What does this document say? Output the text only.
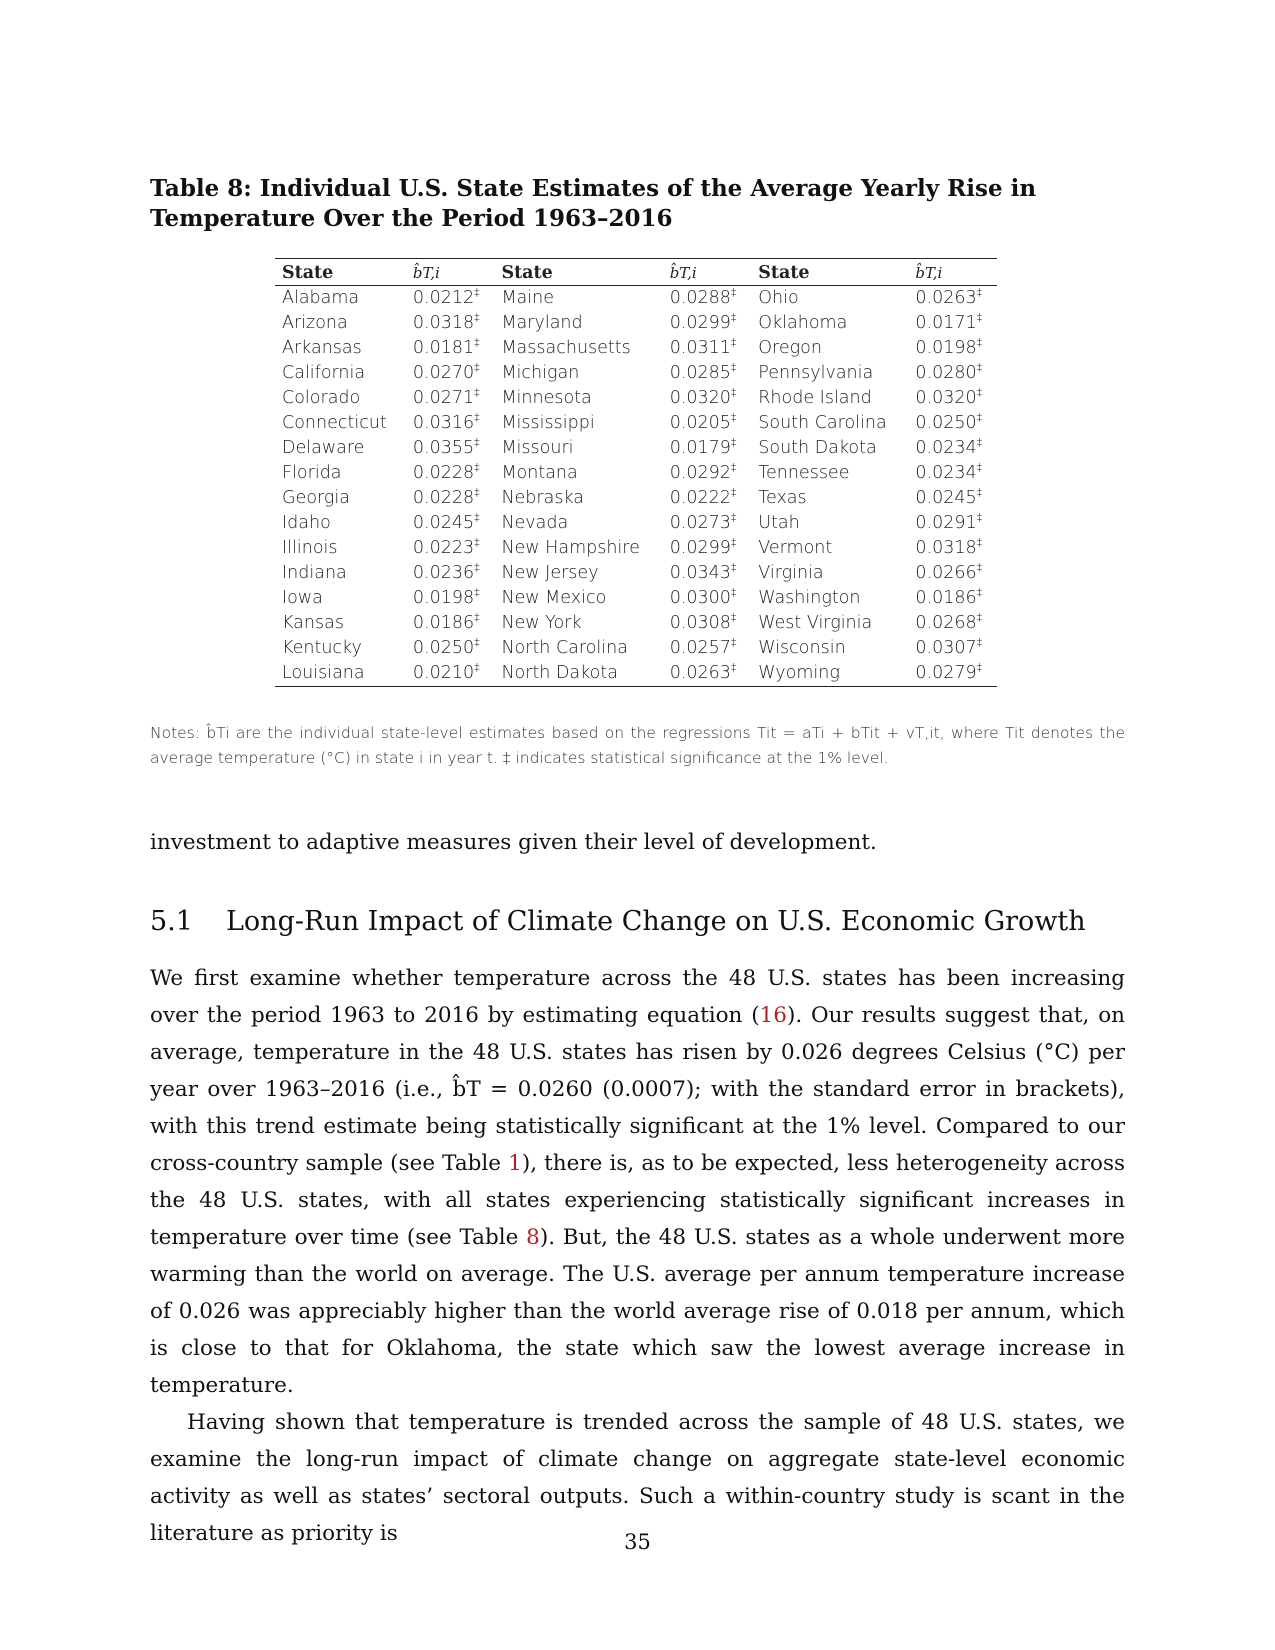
Table 8: Individual U.S. State Estimates of the Average Yearly Rise in Temperature Over the Period 1963–2016
State	b̂T,i	State	b̂T,i	State	b̂T,i
Alabama	0.0212‡	Maine	0.0288‡	Ohio	0.0263‡
Arizona	0.0318‡	Maryland	0.0299‡	Oklahoma	0.0171‡
Arkansas	0.0181‡	Massachusetts	0.0311‡	Oregon	0.0198‡
California	0.0270‡	Michigan	0.0285‡	Pennsylvania	0.0280‡
Colorado	0.0271‡	Minnesota	0.0320‡	Rhode Island	0.0320‡
Connecticut	0.0316‡	Mississippi	0.0205‡	South Carolina	0.0250‡
Delaware	0.0355‡	Missouri	0.0179‡	South Dakota	0.0234‡
Florida	0.0228‡	Montana	0.0292‡	Tennessee	0.0234‡
Georgia	0.0228‡	Nebraska	0.0222‡	Texas	0.0245‡
Idaho	0.0245‡	Nevada	0.0273‡	Utah	0.0291‡
Illinois	0.0223‡	New Hampshire	0.0299‡	Vermont	0.0318‡
Indiana	0.0236‡	New Jersey	0.0343‡	Virginia	0.0266‡
Iowa	0.0198‡	New Mexico	0.0300‡	Washington	0.0186‡
Kansas	0.0186‡	New York	0.0308‡	West Virginia	0.0268‡
Kentucky	0.0250‡	North Carolina	0.0257‡	Wisconsin	0.0307‡
Louisiana	0.0210‡	North Dakota	0.0263‡	Wyoming	0.0279‡
Notes: b̂Ti are the individual state-level estimates based on the regressions Tit = aTi + bTit + vT,it, where Tit denotes the average temperature (°C) in state i in year t. ‡ indicates statistical significance at the 1% level.
investment to adaptive measures given their level of development.
5.1 Long-Run Impact of Climate Change on U.S. Economic Growth

We first examine whether temperature across the 48 U.S. states has been increasing over the period 1963 to 2016 by estimating equation (16). Our results suggest that, on average, temperature in the 48 U.S. states has risen by 0.026 degrees Celsius (°C) per year over 1963–2016 (i.e., b̂T = 0.0260 (0.0007); with the standard error in brackets), with this trend estimate being statistically significant at the 1% level. Compared to our cross-country sample (see Table 1), there is, as to be expected, less heterogeneity across the 48 U.S. states, with all states experiencing statistically significant increases in temperature over time (see Table 8). But, the 48 U.S. states as a whole underwent more warming than the world on average. The U.S. average per annum temperature increase of 0.026 was appreciably higher than the world average rise of 0.018 per annum, which is close to that for Oklahoma, the state which saw the lowest average increase in temperature.

Having shown that temperature is trended across the sample of 48 U.S. states, we examine the long-run impact of climate change on aggregate state-level economic activity as well as states’ sectoral outputs. Such a within-country study is scant in the literature as priority is	35
